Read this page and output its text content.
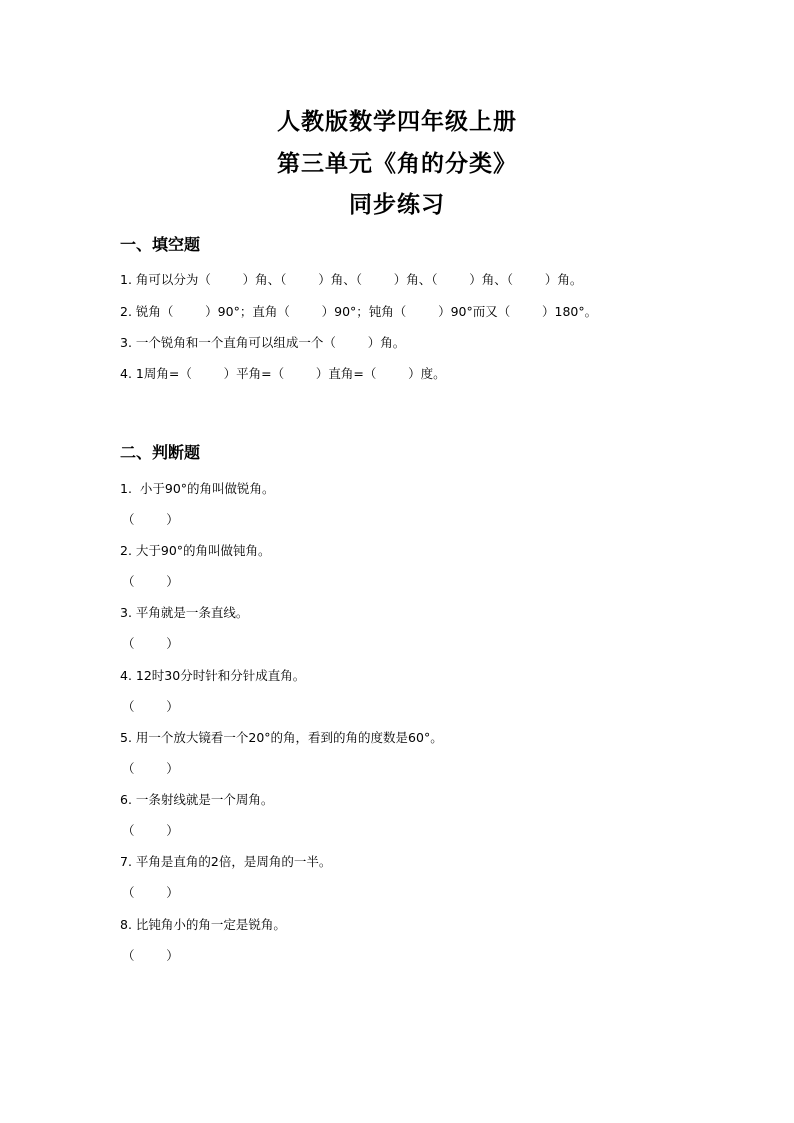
人教版数学四年级上册
第三单元《角的分类》
同步练习
一、填空题
1. 角可以分为（        ）角、（        ）角、（        ）角、（        ）角、（        ）角。
2. 锐角（        ）90°；直角（        ）90°；钝角（        ）90°而又（        ）180°。
3. 一个锐角和一个直角可以组成一个（        ）角。
4. 1周角=（        ）平角=（        ）直角=（        ）度。
二、判断题
1.  小于90°的角叫做锐角。
（        ）
2. 大于90°的角叫做钝角。
（        ）
3. 平角就是一条直线。
（        ）
4. 12时30分时针和分针成直角。
（        ）
5. 用一个放大镜看一个20°的角，看到的角的度数是60°。
（        ）
6. 一条射线就是一个周角。
（        ）
7. 平角是直角的2倍，是周角的一半。
（        ）
8. 比钝角小的角一定是锐角。
（        ）
